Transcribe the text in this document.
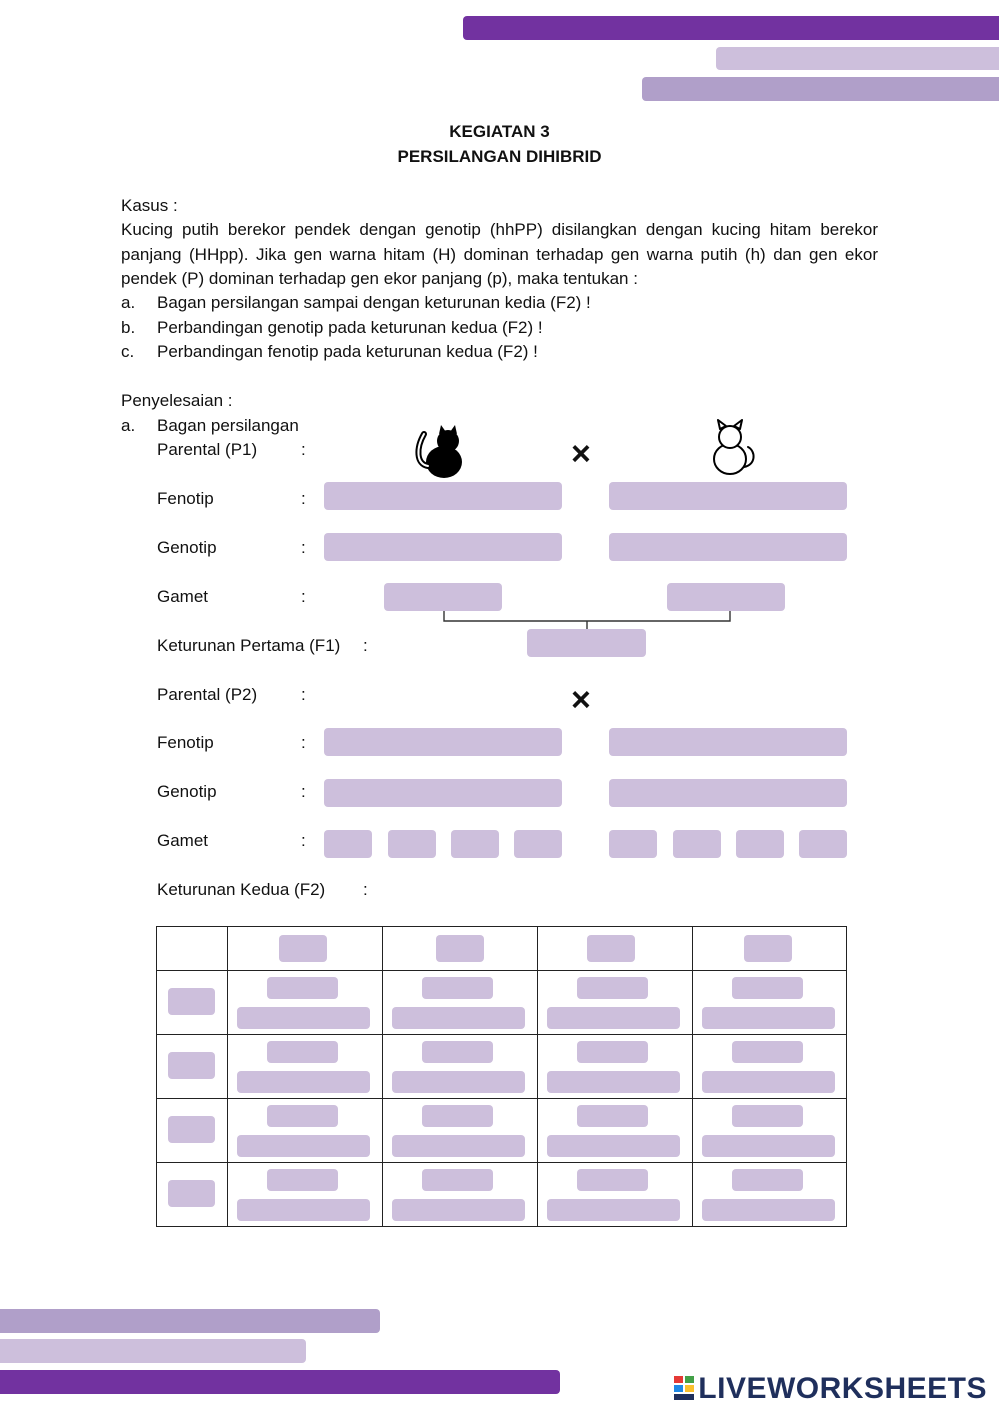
KEGIATAN 3
PERSILANGAN DIHIBRID
Kasus :
Kucing putih berekor pendek dengan genotip (hhPP) disilangkan dengan kucing hitam berekor panjang (HHpp). Jika gen warna hitam (H) dominan terhadap gen warna putih (h) dan gen ekor pendek (P) dominan terhadap gen ekor panjang (p), maka tentukan :
a. Bagan persilangan sampai dengan keturunan kedia (F2) !
b. Perbandingan genotip pada keturunan kedua (F2) !
c. Perbandingan fenotip pada keturunan kedua (F2) !
Penyelesaian :
a. Bagan persilangan
Parental (P1)	:	×
Fenotip	:
Genotip	:
Gamet	:
Keturunan Pertama (F1) :
Parental (P2)	:	×
Fenotip	:
Genotip	:
Gamet	:
Keturunan Kedua (F2) :

LIVEWORKSHEETS
